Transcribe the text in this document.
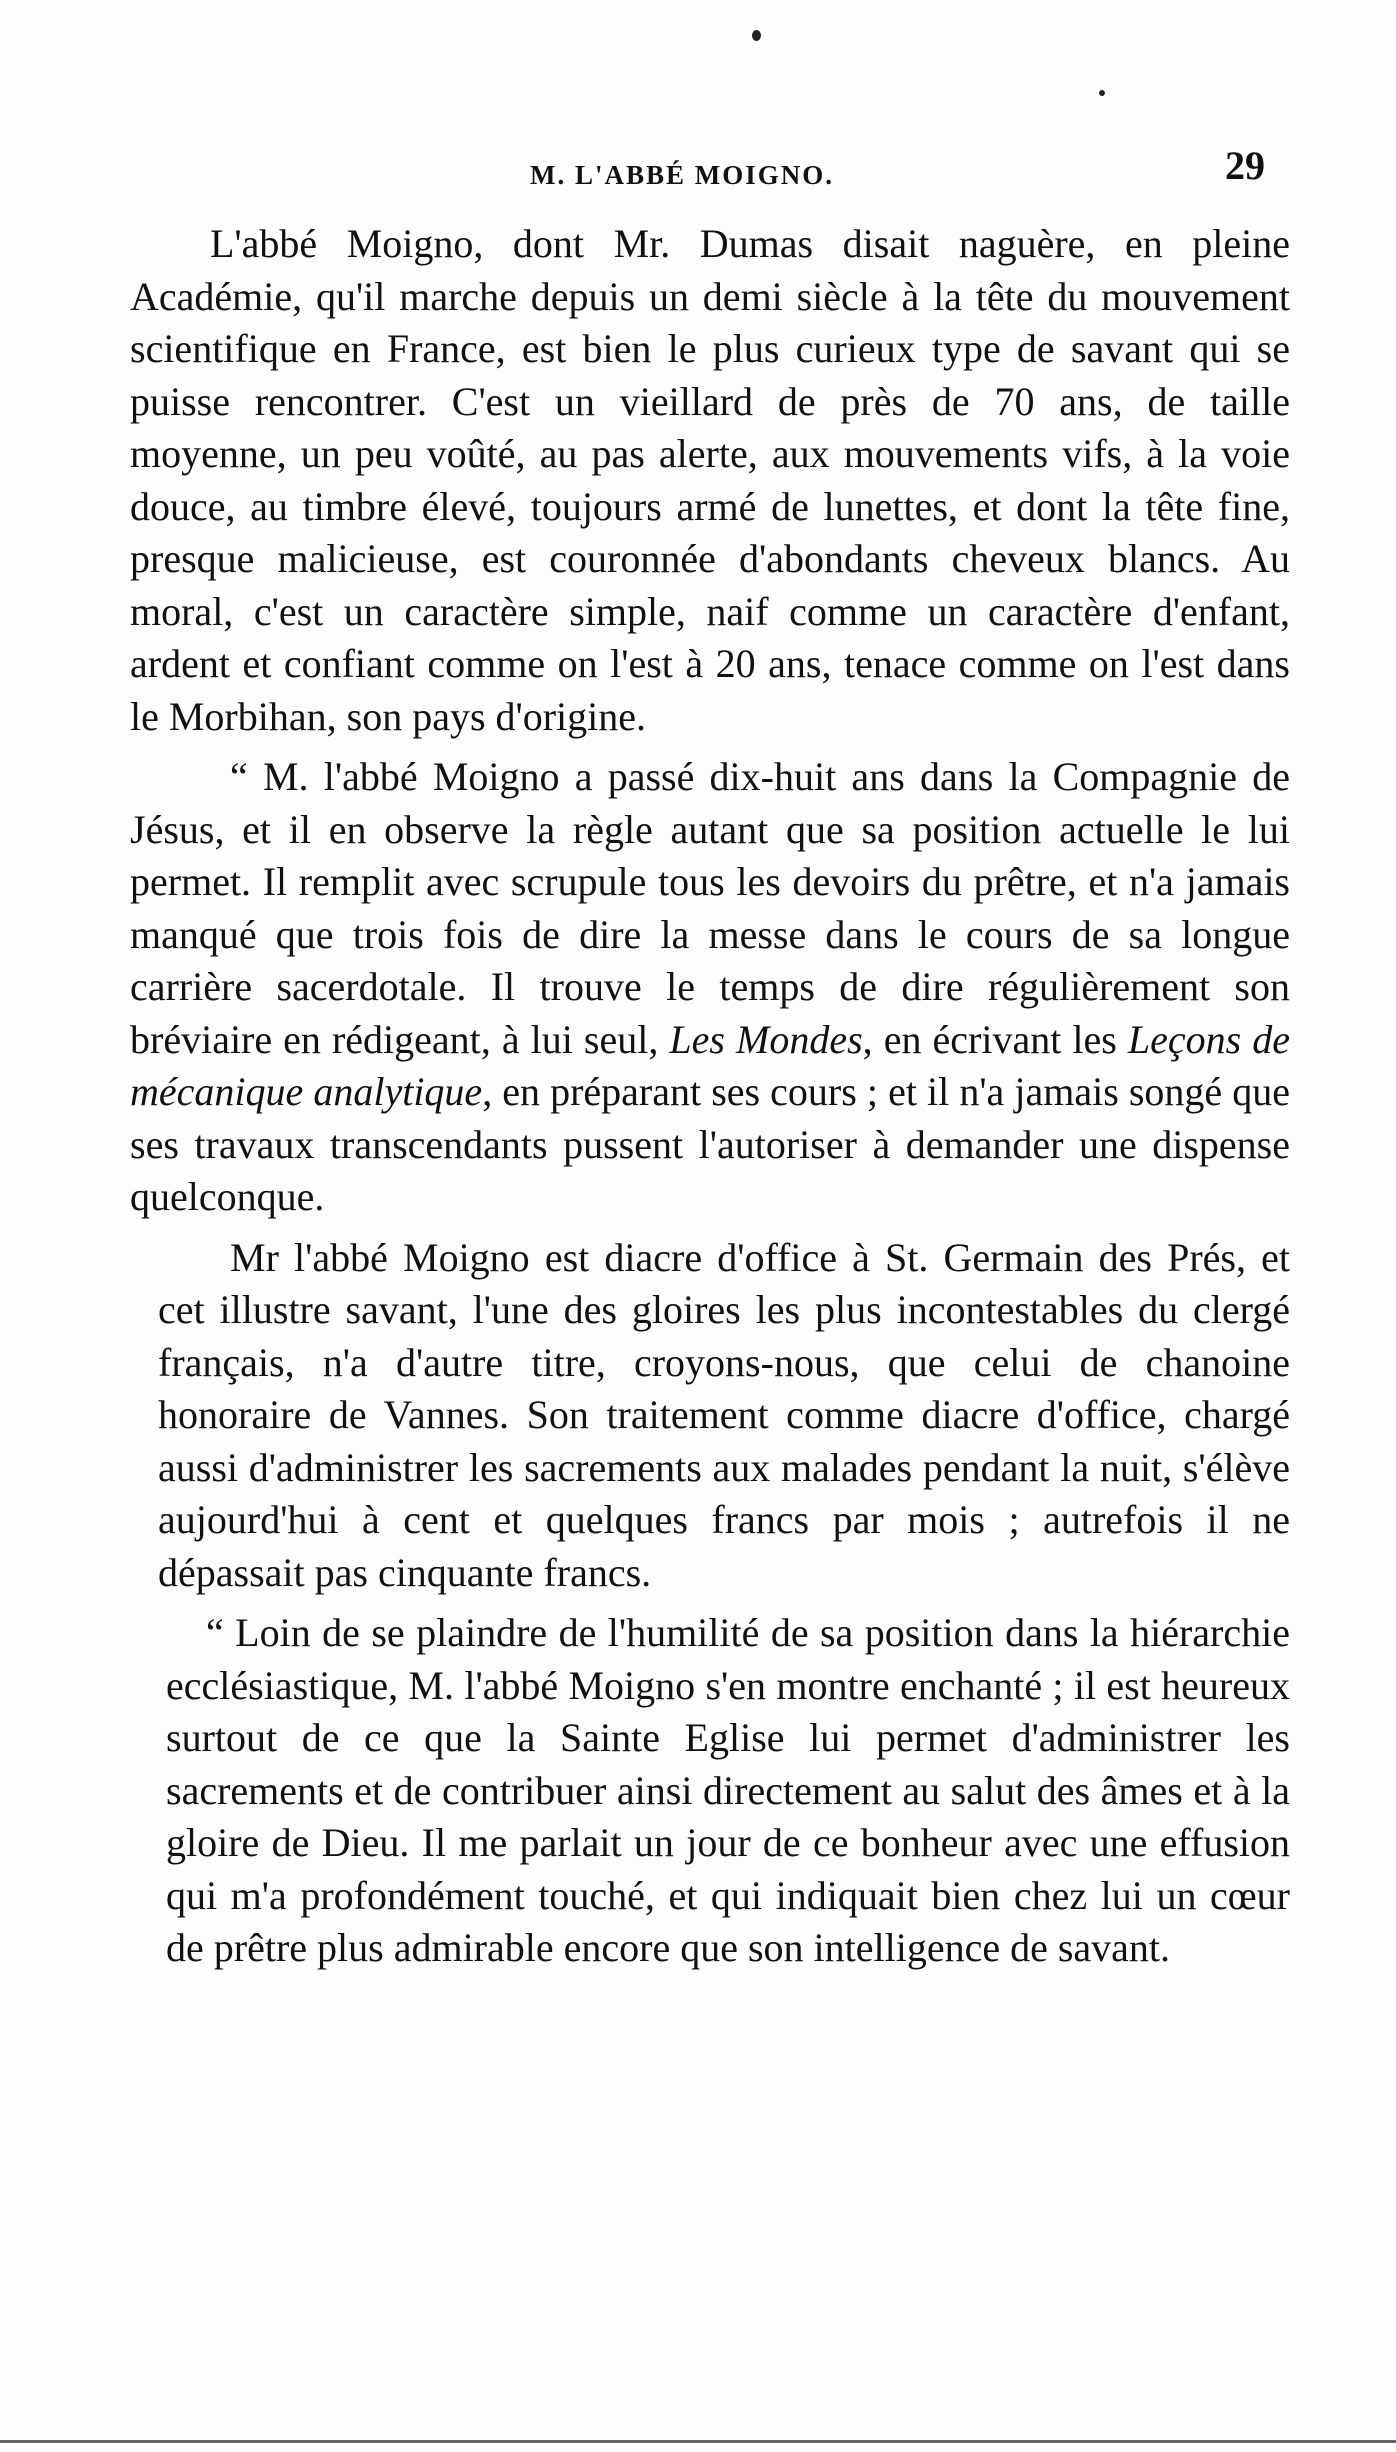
M. L'ABBÉ MOIGNO.	29

L'abbé Moigno, dont Mr. Dumas disait naguère, en pleine Académie, qu'il marche depuis un demi siècle à la tête du mouvement scientifique en France, est bien le plus curieux type de savant qui se puisse rencontrer. C'est un vieillard de près de 70 ans, de taille moyenne, un peu voûté, au pas alerte, aux mouvements vifs, à la voie douce, au timbre élevé, toujours armé de lunettes, et dont la tête fine, presque malicieuse, est couronnée d'abondants cheveux blancs. Au moral, c'est un caractère simple, naif comme un caractère d'enfant, ardent et confiant comme on l'est à 20 ans, tenace comme on l'est dans le Morbihan, son pays d'origine.

“ M. l'abbé Moigno a passé dix-huit ans dans la Compagnie de Jésus, et il en observe la règle autant que sa position actuelle le lui permet. Il remplit avec scrupule tous les devoirs du prêtre, et n'a jamais manqué que trois fois de dire la messe dans le cours de sa longue carrière sacerdotale. Il trouve le temps de dire régulièrement son bréviaire en rédigeant, à lui seul, Les Mondes, en écrivant les Leçons de mécanique analytique, en préparant ses cours ; et il n'a jamais songé que ses travaux transcendants pussent l'autoriser à demander une dispense quelconque.

Mr l'abbé Moigno est diacre d'office à St. Germain des Prés, et cet illustre savant, l'une des gloires les plus incontestables du clergé français, n'a d'autre titre, croyons-nous, que celui de chanoine honoraire de Vannes. Son traitement comme diacre d'office, chargé aussi d'administrer les sacrements aux malades pendant la nuit, s'élève aujourd'hui à cent et quelques francs par mois ; autrefois il ne dépassait pas cinquante francs.

“ Loin de se plaindre de l'humilité de sa position dans la hiérarchie ecclésiastique, M. l'abbé Moigno s'en montre enchanté ; il est heureux surtout de ce que la Sainte Eglise lui permet d'administrer les sacrements et de contribuer ainsi directement au salut des âmes et à la gloire de Dieu. Il me parlait un jour de ce bonheur avec une effusion qui m'a profondément touché, et qui indiquait bien chez lui un cœur de prêtre plus admirable encore que son intelligence de savant.
